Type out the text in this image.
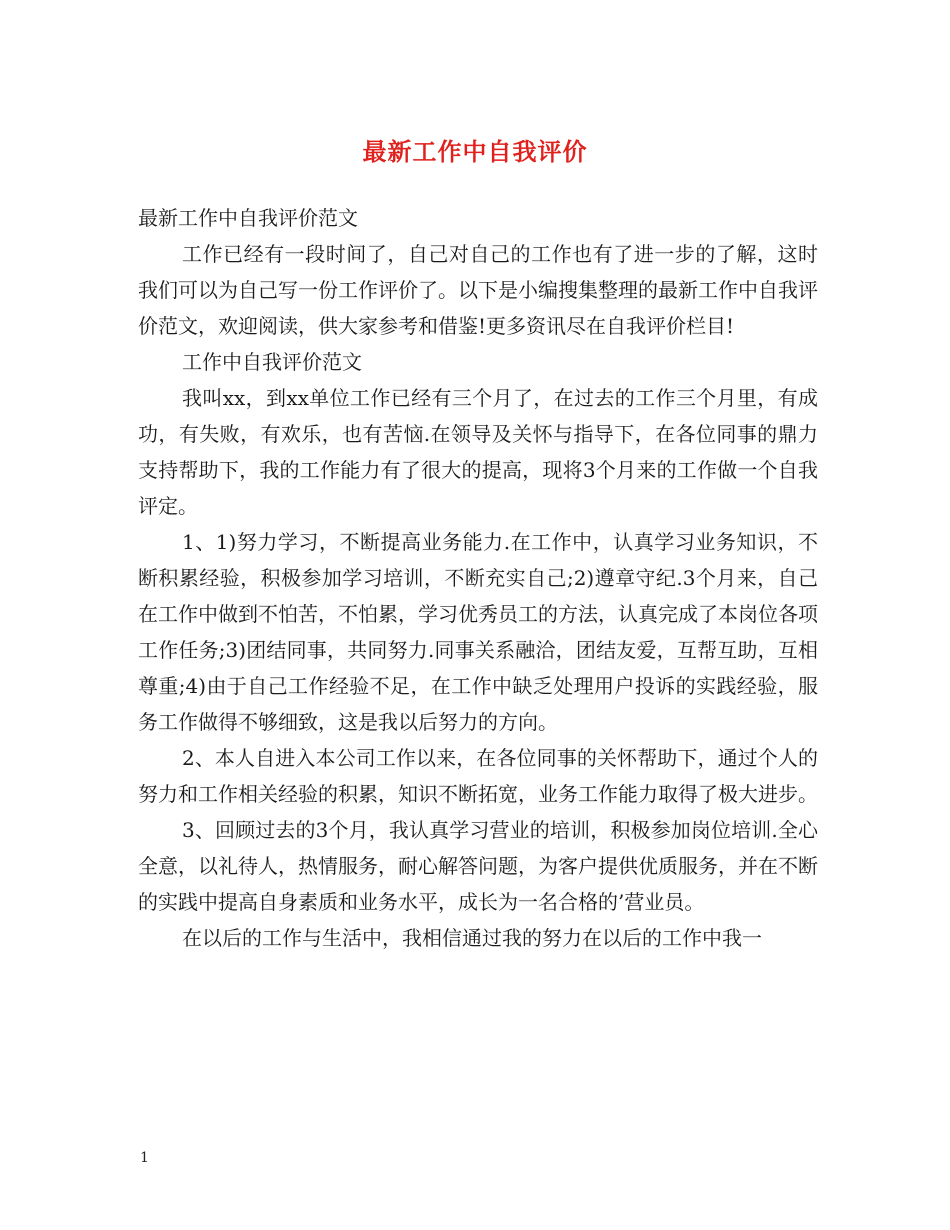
最新工作中自我评价

最新工作中自我评价范文

工作已经有一段时间了，自己对自己的工作也有了进一步的了解，这时我们可以为自己写一份工作评价了。以下是小编搜集整理的最新工作中自我评价范文，欢迎阅读，供大家参考和借鉴!更多资讯尽在自我评价栏目!

工作中自我评价范文

我叫xx，到xx单位工作已经有三个月了，在过去的工作三个月里，有成功，有失败，有欢乐，也有苦恼.在领导及关怀与指导下，在各位同事的鼎力支持帮助下，我的工作能力有了很大的提高，现将3个月来的工作做一个自我评定。

1、1)努力学习，不断提高业务能力.在工作中，认真学习业务知识，不断积累经验，积极参加学习培训，不断充实自己;2)遵章守纪.3个月来，自己在工作中做到不怕苦，不怕累，学习优秀员工的方法，认真完成了本岗位各项工作任务;3)团结同事，共同努力.同事关系融洽，团结友爱，互帮互助，互相尊重;4)由于自己工作经验不足，在工作中缺乏处理用户投诉的实践经验，服务工作做得不够细致，这是我以后努力的方向。

2、本人自进入本公司工作以来，在各位同事的关怀帮助下，通过个人的努力和工作相关经验的积累，知识不断拓宽，业务工作能力取得了极大进步。

3、回顾过去的3个月，我认真学习营业的培训，积极参加岗位培训.全心全意，以礼待人，热情服务，耐心解答问题，为客户提供优质服务，并在不断的实践中提高自身素质和业务水平，成长为一名合格的’营业员。

在以后的工作与生活中，我相信通过我的努力在以后的工作中我一

1
